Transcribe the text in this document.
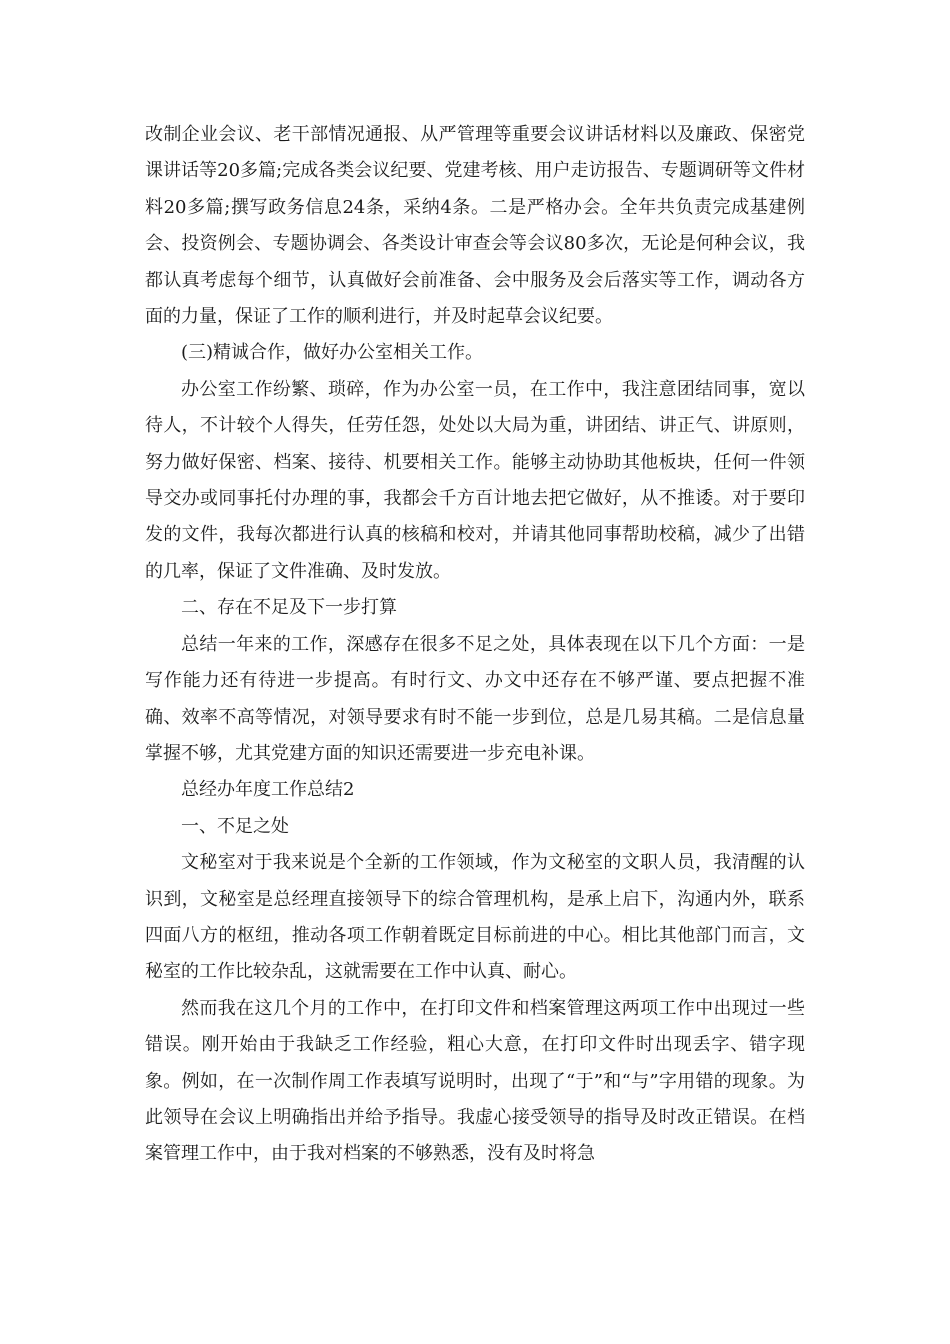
改制企业会议、老干部情况通报、从严管理等重要会议讲话材料以及廉政、保密党课讲话等20多篇;完成各类会议纪要、党建考核、用户走访报告、专题调研等文件材料20多篇;撰写政务信息24条，采纳4条。二是严格办会。全年共负责完成基建例会、投资例会、专题协调会、各类设计审查会等会议80多次，无论是何种会议，我都认真考虑每个细节，认真做好会前准备、会中服务及会后落实等工作，调动各方面的力量，保证了工作的顺利进行，并及时起草会议纪要。

(三)精诚合作，做好办公室相关工作。

办公室工作纷繁、琐碎，作为办公室一员，在工作中，我注意团结同事，宽以待人，不计较个人得失，任劳任怨，处处以大局为重，讲团结、讲正气、讲原则，努力做好保密、档案、接待、机要相关工作。能够主动协助其他板块，任何一件领导交办或同事托付办理的事，我都会千方百计地去把它做好，从不推诿。对于要印发的文件，我每次都进行认真的核稿和校对，并请其他同事帮助校稿，减少了出错的几率，保证了文件准确、及时发放。

二、存在不足及下一步打算

总结一年来的工作，深感存在很多不足之处，具体表现在以下几个方面：一是写作能力还有待进一步提高。有时行文、办文中还存在不够严谨、要点把握不准确、效率不高等情况，对领导要求有时不能一步到位，总是几易其稿。二是信息量掌握不够，尤其党建方面的知识还需要进一步充电补课。

总经办年度工作总结2

一、不足之处

文秘室对于我来说是个全新的工作领域，作为文秘室的文职人员，我清醒的认识到，文秘室是总经理直接领导下的综合管理机构，是承上启下，沟通内外，联系四面八方的枢纽，推动各项工作朝着既定目标前进的中心。相比其他部门而言，文秘室的工作比较杂乱，这就需要在工作中认真、耐心。

然而我在这几个月的工作中，在打印文件和档案管理这两项工作中出现过一些错误。刚开始由于我缺乏工作经验，粗心大意，在打印文件时出现丢字、错字现象。例如，在一次制作周工作表填写说明时，出现了“于”和“与”字用错的现象。为此领导在会议上明确指出并给予指导。我虚心接受领导的指导及时改正错误。在档案管理工作中，由于我对档案的不够熟悉，没有及时将急
